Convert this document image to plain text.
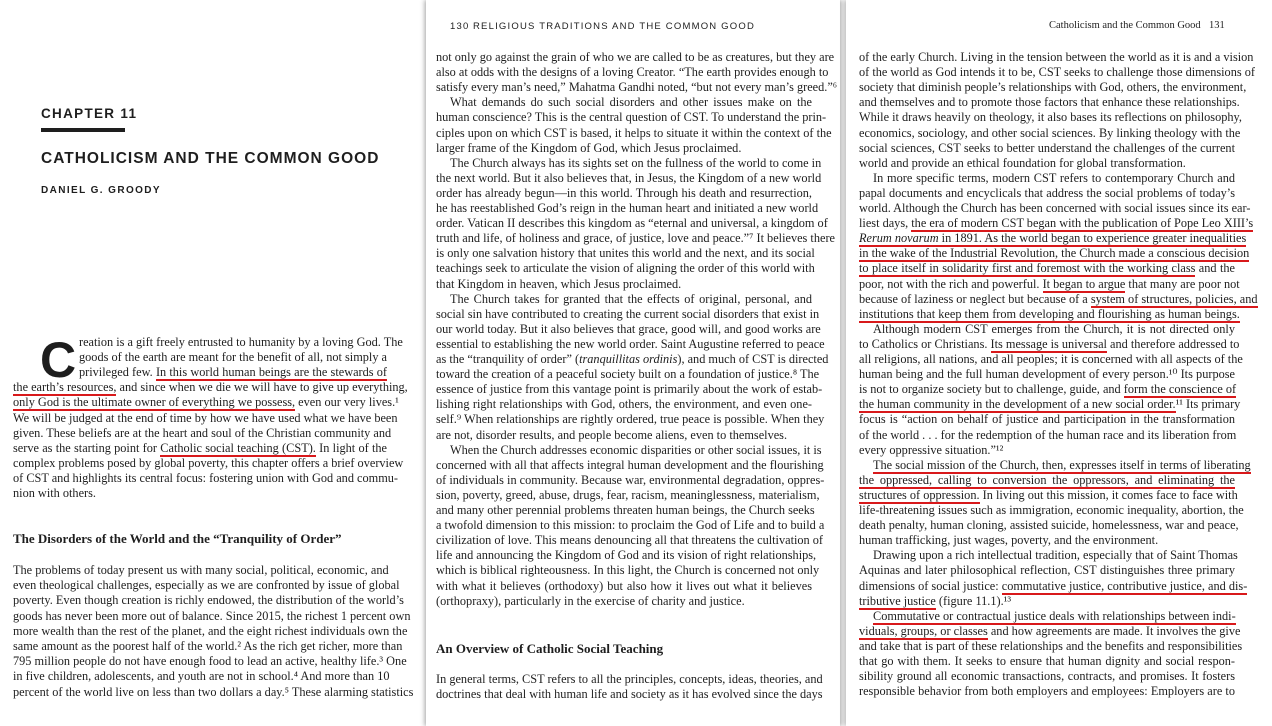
CHAPTER 11
CATHOLICISM AND THE COMMON GOOD
DANIEL G. GROODY
C reation is a gift freely entrusted to humanity by a loving God. The
goods of the earth are meant for the benefit of all, not simply a
privileged few. In this world human beings are the stewards of
the earth’s resources, and since when we die we will have to give up everything,
only God is the ultimate owner of everything we possess, even our very lives.¹
We will be judged at the end of time by how we have used what we have been
given. These beliefs are at the heart and soul of the Christian community and
serve as the starting point for Catholic social teaching (CST). In light of the
complex problems posed by global poverty, this chapter offers a brief overview
of CST and highlights its central focus: fostering union with God and commu-
nion with others.
The Disorders of the World and the “Tranquility of Order”
The problems of today present us with many social, political, economic, and
even theological challenges, especially as we are confronted by issue of global
poverty. Even though creation is richly endowed, the distribution of the world’s
goods has never been more out of balance. Since 2015, the richest 1 percent own
more wealth than the rest of the planet, and the eight richest individuals own the
same amount as the poorest half of the world.² As the rich get richer, more than
795 million people do not have enough food to lead an active, healthy life.³ One
in five children, adolescents, and youth are not in school.⁴ And more than 10
percent of the world live on less than two dollars a day.⁵ These alarming statistics
130 RELIGIOUS TRADITIONS AND THE COMMON GOOD
not only go against the grain of who we are called to be as creatures, but they are
also at odds with the designs of a loving Creator. “The earth provides enough to
satisfy every man’s need,” Mahatma Gandhi noted, “but not every man’s greed.”⁶
What demands do such social disorders and other issues make on the
human conscience? This is the central question of CST. To understand the prin-
ciples upon on which CST is based, it helps to situate it within the context of the
larger frame of the Kingdom of God, which Jesus proclaimed.
The Church always has its sights set on the fullness of the world to come in
the next world. But it also believes that, in Jesus, the Kingdom of a new world
order has already begun—in this world. Through his death and resurrection,
he has reestablished God’s reign in the human heart and initiated a new world
order. Vatican II describes this kingdom as “eternal and universal, a kingdom of
truth and life, of holiness and grace, of justice, love and peace.”⁷ It believes there
is only one salvation history that unites this world and the next, and its social
teachings seek to articulate the vision of aligning the order of this world with
that Kingdom in heaven, which Jesus proclaimed.
The Church takes for granted that the effects of original, personal, and
social sin have contributed to creating the current social disorders that exist in
our world today. But it also believes that grace, good will, and good works are
essential to establishing the new world order. Saint Augustine referred to peace
as the “tranquility of order” (tranquillitas ordinis), and much of CST is directed
toward the creation of a peaceful society built on a foundation of justice.⁸ The
essence of justice from this vantage point is primarily about the work of estab-
lishing right relationships with God, others, the environment, and even one-
self.⁹ When relationships are rightly ordered, true peace is possible. When they
are not, disorder results, and people become aliens, even to themselves.
When the Church addresses economic disparities or other social issues, it is
concerned with all that affects integral human development and the flourishing
of individuals in community. Because war, environmental degradation, oppres-
sion, poverty, greed, abuse, drugs, fear, racism, meaninglessness, materialism,
and many other perennial problems threaten human beings, the Church seeks
a twofold dimension to this mission: to proclaim the God of Life and to build a
civilization of love. This means denouncing all that threatens the cultivation of
life and announcing the Kingdom of God and its vision of right relationships,
which is biblical righteousness. In this light, the Church is concerned not only
with what it believes (orthodoxy) but also how it lives out what it believes
(orthopraxy), particularly in the exercise of charity and justice.
An Overview of Catholic Social Teaching
In general terms, CST refers to all the principles, concepts, ideas, theories, and
doctrines that deal with human life and society as it has evolved since the days
Catholicism and the Common Good 131
of the early Church. Living in the tension between the world as it is and a vision
of the world as God intends it to be, CST seeks to challenge those dimensions of
society that diminish people’s relationships with God, others, the environment,
and themselves and to promote those factors that enhance these relationships.
While it draws heavily on theology, it also bases its reflections on philosophy,
economics, sociology, and other social sciences. By linking theology with the
social sciences, CST seeks to better understand the challenges of the current
world and provide an ethical foundation for global transformation.
In more specific terms, modern CST refers to contemporary Church and
papal documents and encyclicals that address the social problems of today’s
world. Although the Church has been concerned with social issues since its ear-
liest days, the era of modern CST began with the publication of Pope Leo XIII’s
Rerum novarum in 1891. As the world began to experience greater inequalities
in the wake of the Industrial Revolution, the Church made a conscious decision
to place itself in solidarity first and foremost with the working class and the
poor, not with the rich and powerful. It began to argue that many are poor not
because of laziness or neglect but because of a system of structures, policies, and
institutions that keep them from developing and flourishing as human beings.
Although modern CST emerges from the Church, it is not directed only
to Catholics or Christians. Its message is universal and therefore addressed to
all religions, all nations, and all peoples; it is concerned with all aspects of the
human being and the full human development of every person.¹⁰ Its purpose
is not to organize society but to challenge, guide, and form the conscience of
the human community in the development of a new social order.¹¹ Its primary
focus is “action on behalf of justice and participation in the transformation
of the world . . . for the redemption of the human race and its liberation from
every oppressive situation.”¹²
The social mission of the Church, then, expresses itself in terms of liberating
the oppressed, calling to conversion the oppressors, and eliminating the
structures of oppression. In living out this mission, it comes face to face with
life-threatening issues such as immigration, economic inequality, abortion, the
death penalty, human cloning, assisted suicide, homelessness, war and peace,
human trafficking, just wages, poverty, and the environment.
Drawing upon a rich intellectual tradition, especially that of Saint Thomas
Aquinas and later philosophical reflection, CST distinguishes three primary
dimensions of social justice: commutative justice, contributive justice, and dis-
tributive justice (figure 11.1).¹³
Commutative or contractual justice deals with relationships between indi-
viduals, groups, or classes and how agreements are made. It involves the give
and take that is part of these relationships and the benefits and responsibilities
that go with them. It seeks to ensure that human dignity and social respon-
sibility ground all economic transactions, contracts, and promises. It fosters
responsible behavior from both employers and employees: Employers are to
